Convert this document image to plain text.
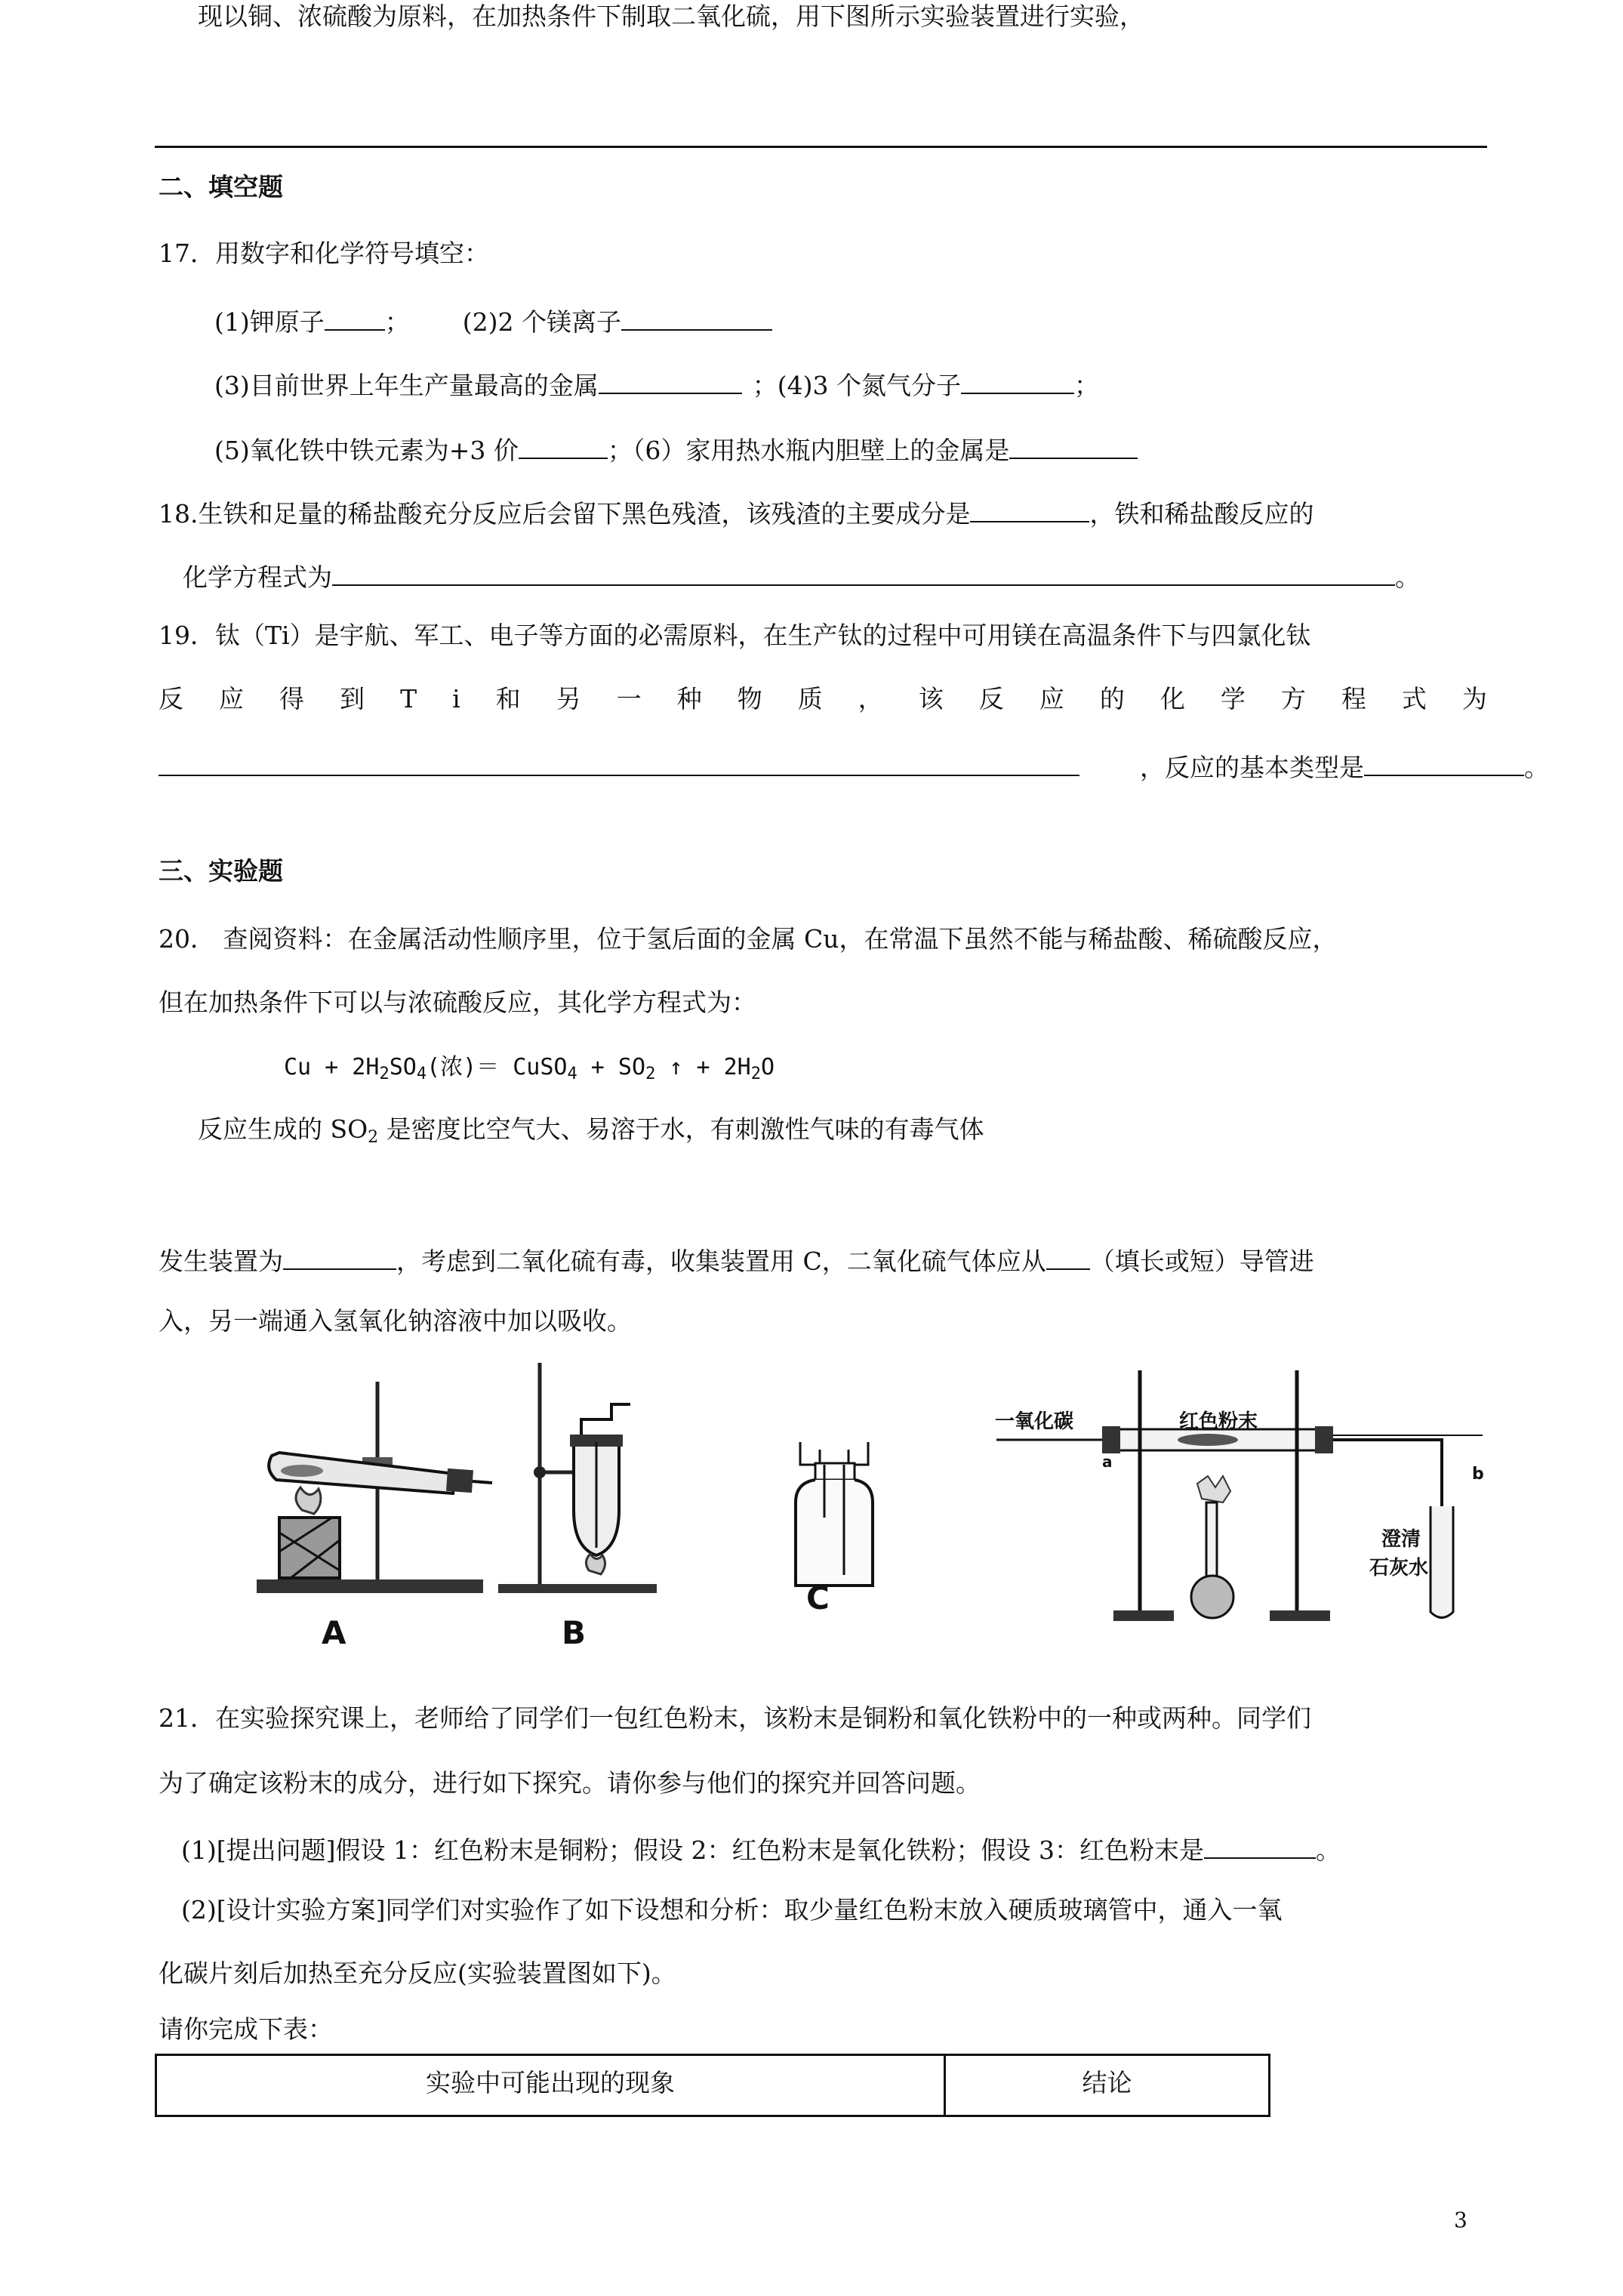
二、填空题
17．用数字和化学符号填空：
(1)钾原子 ； (2)2 个镁离子
(3)目前世界上年生产量最高的金属	；(4)3 个氮气分子	；
(5)氧化铁中铁元素为+3 价	；（6）家用热水瓶内胆壁上的金属是
18.生铁和足量的稀盐酸充分反应后会留下黑色残渣，该残渣的主要成分是	，铁和稀盐酸反应的
化学方程式为	。
19．钛（Ti）是宇航、军工、电子等方面的必需原料，在生产钛的过程中可用镁在高温条件下与四氯化钛
反 应 得 到 T i 和 另 一 种 物 质 ， 该 反 应 的 化 学 方 程 式 为
，反应的基本类型是	。
三、实验题
20． 查阅资料：在金属活动性顺序里，位于氢后面的金属 Cu，在常温下虽然不能与稀盐酸、稀硫酸反应，
但在加热条件下可以与浓硫酸反应，其化学方程式为：
$Cu + 2H_2SO_4$(浓)＝ CuSO$_4$ + $SO_2$ ↑ + $2H_2O$
反应生成的 $SO_2$ 是密度比空气大、易溶于水，有刺激性气味的有毒气体
现以铜、浓硫酸为原料，在加热条件下制取二氧化硫，用下图所示实验装置进行实验，
发生装置为	，考虑到二氧化硫有毒，收集装置用 C，二氧化硫气体应从 （填长或短）导管进
入，另一端通入氢氧化钠溶液中加以吸收。
A	B
C
一氧化碳	红色粉末
a
b
澄清
石灰水
21．在实验探究课上，老师给了同学们一包红色粉末，该粉末是铜粉和氧化铁粉中的一种或两种。同学们
为了确定该粉末的成分，进行如下探究。请你参与他们的探究并回答问题。
(1)[提出问题]假设 1：红色粉末是铜粉；假设 2：红色粉末是氧化铁粉；假设 3：红色粉末是	。
(2)[设计实验方案]同学们对实验作了如下设想和分析：取少量红色粉末放入硬质玻璃管中，通入一氧
化碳片刻后加热至充分反应(实验装置图如下)。
请你完成下表：
实验中可能出现的现象	结论
3
